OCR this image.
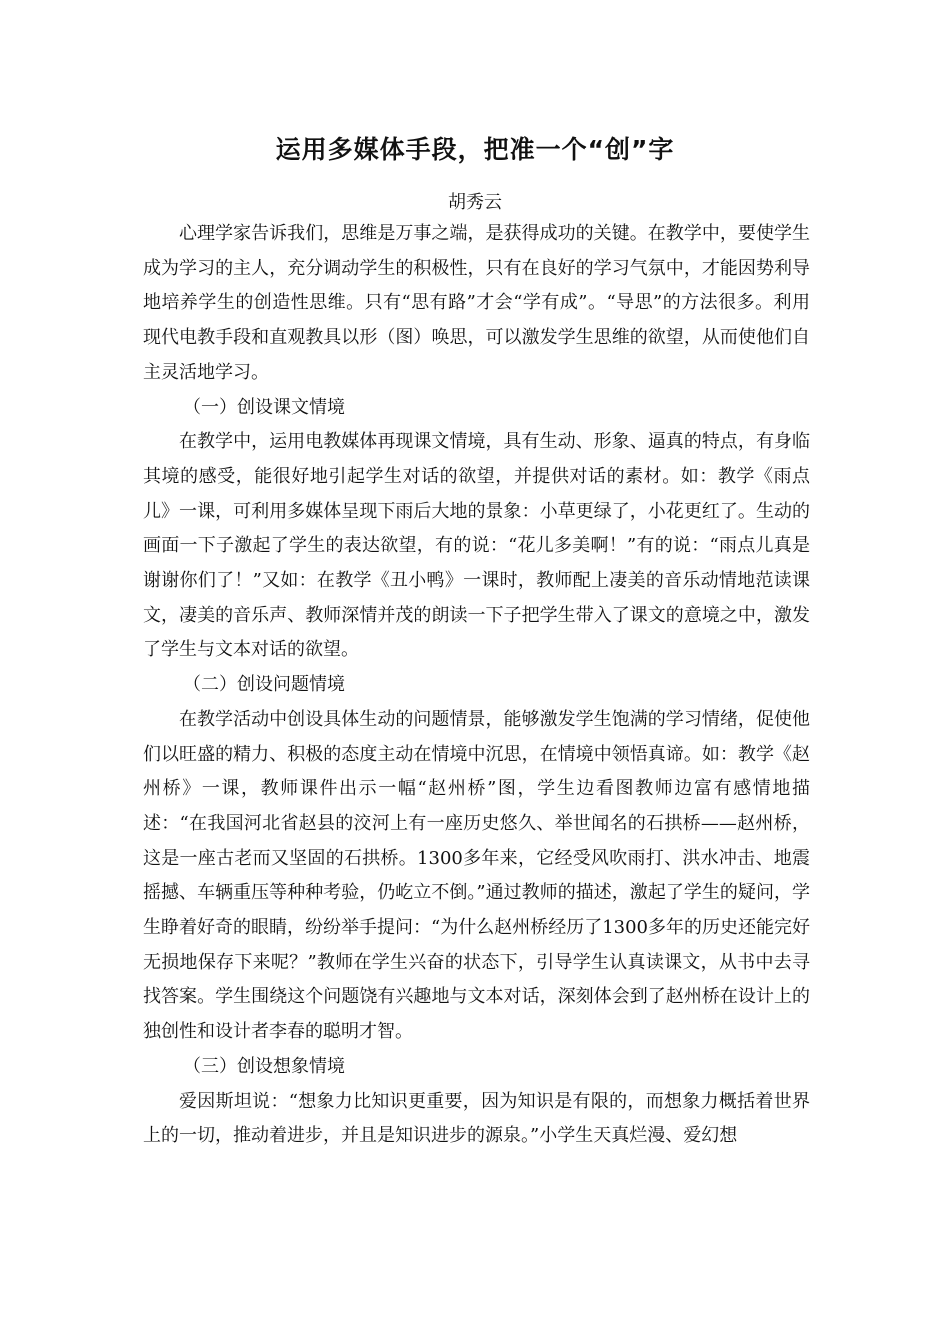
运用多媒体手段，把准一个“创”字
胡秀云

心理学家告诉我们，思维是万事之端，是获得成功的关键。在教学中，要使学生成为学习的主人，充分调动学生的积极性，只有在良好的学习气氛中，才能因势利导地培养学生的创造性思维。只有“思有路”才会“学有成”。“导思”的方法很多。利用现代电教手段和直观教具以形（图）唤思，可以激发学生思维的欲望，从而使他们自主灵活地学习。

（一）创设课文情境

在教学中，运用电教媒体再现课文情境，具有生动、形象、逼真的特点，有身临其境的感受，能很好地引起学生对话的欲望，并提供对话的素材。如：教学《雨点儿》一课，可利用多媒体呈现下雨后大地的景象：小草更绿了，小花更红了。生动的画面一下子激起了学生的表达欲望，有的说：“花儿多美啊！”有的说：“雨点儿真是谢谢你们了！”又如：在教学《丑小鸭》一课时，教师配上凄美的音乐动情地范读课文，凄美的音乐声、教师深情并茂的朗读一下子把学生带入了课文的意境之中，激发了学生与文本对话的欲望。

（二）创设问题情境

在教学活动中创设具体生动的问题情景，能够激发学生饱满的学习情绪，促使他们以旺盛的精力、积极的态度主动在情境中沉思，在情境中领悟真谛。如：教学《赵州桥》一课，教师课件出示一幅“赵州桥”图，学生边看图教师边富有感情地描述：“在我国河北省赵县的洨河上有一座历史悠久、举世闻名的石拱桥——赵州桥，这是一座古老而又坚固的石拱桥。1300多年来，它经受风吹雨打、洪水冲击、地震摇撼、车辆重压等种种考验，仍屹立不倒。”通过教师的描述，激起了学生的疑问，学生睁着好奇的眼睛，纷纷举手提问：“为什么赵州桥经历了1300多年的历史还能完好无损地保存下来呢？”教师在学生兴奋的状态下，引导学生认真读课文，从书中去寻找答案。学生围绕这个问题饶有兴趣地与文本对话，深刻体会到了赵州桥在设计上的独创性和设计者李春的聪明才智。

（三）创设想象情境

爱因斯坦说：“想象力比知识更重要，因为知识是有限的，而想象力概括着世界上的一切，推动着进步，并且是知识进步的源泉。”小学生天真烂漫、爱幻想
